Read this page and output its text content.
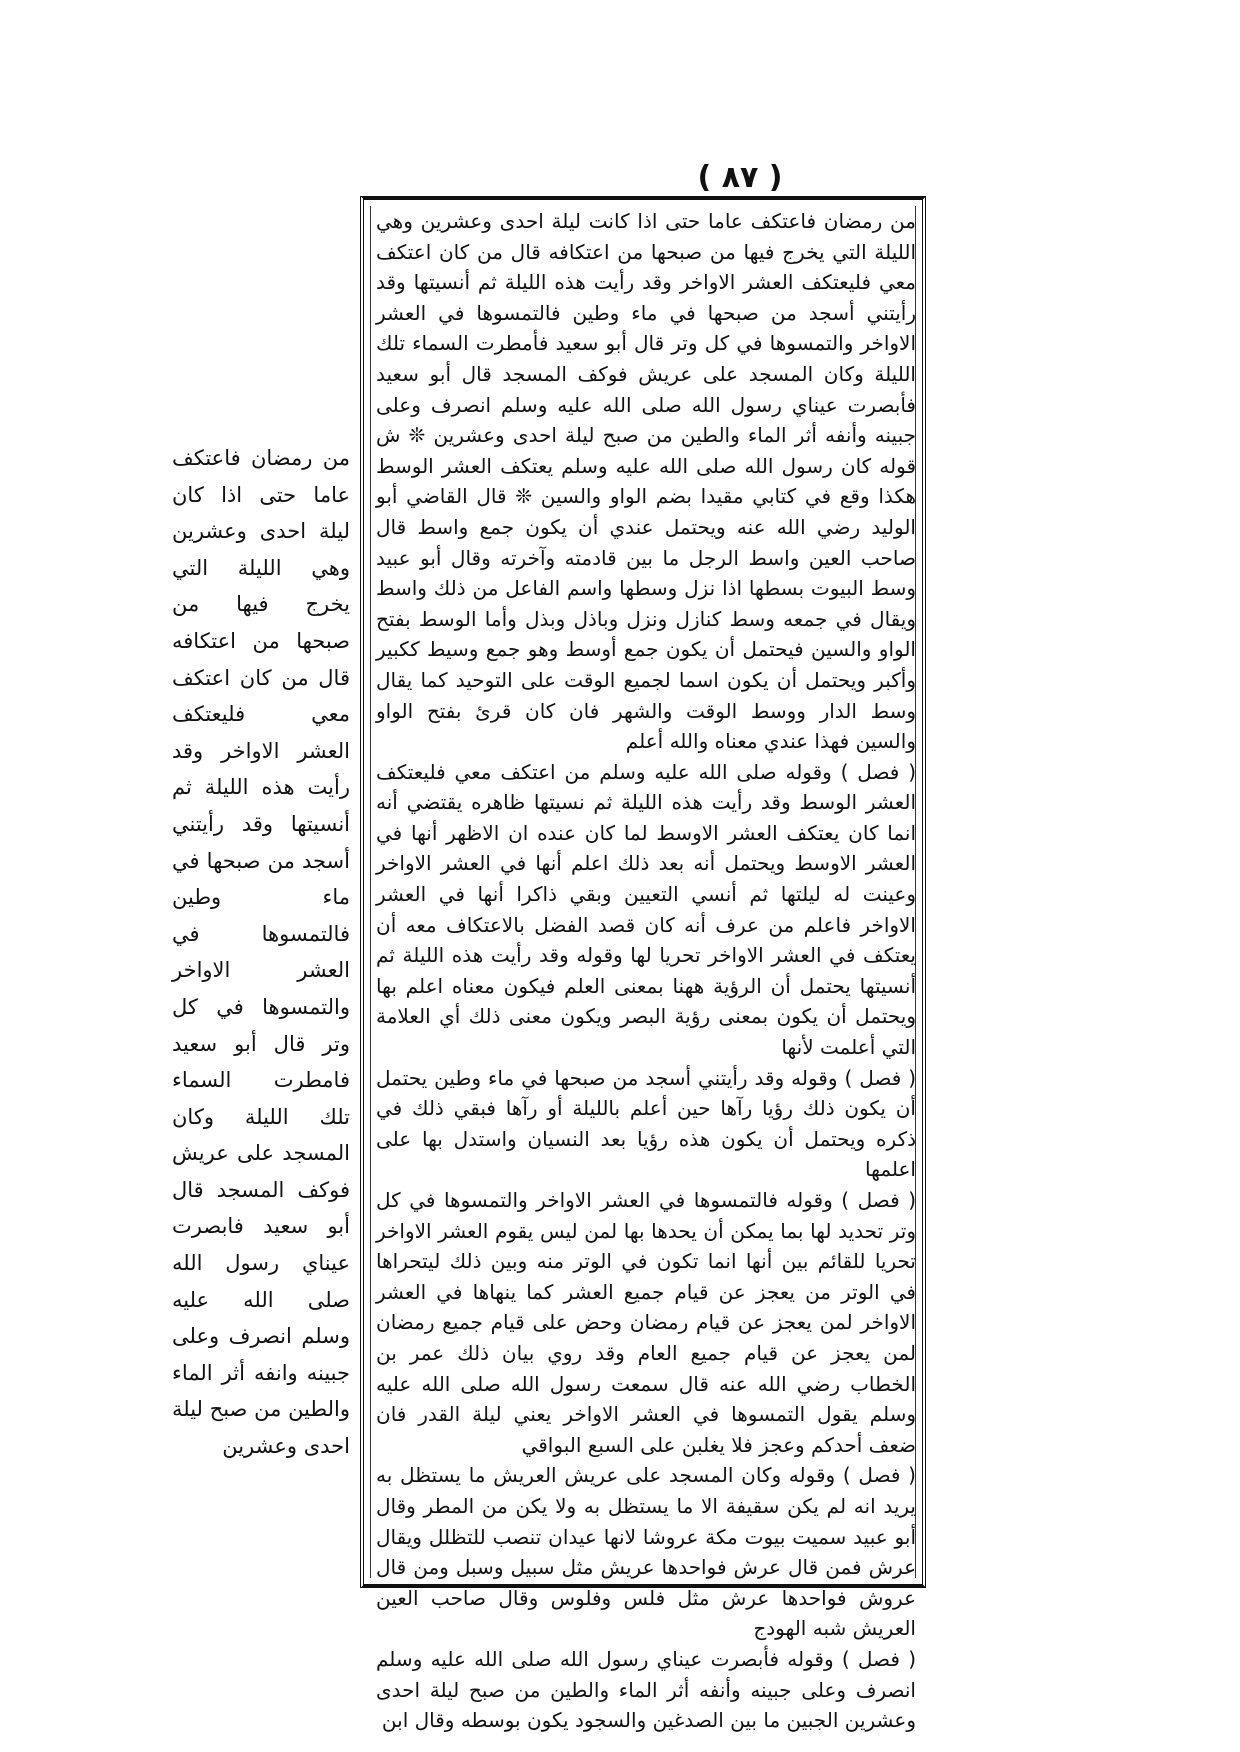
( ٨٧ )

من رمضان فاعتكف عاما حتى اذا كانت ليلة احدى وعشرين وهي الليلة التي يخرج فيها من صبحها من اعتكافه قال من كان اعتكف معي فليعتكف العشر الاواخر وقد رأيت هذه الليلة ثم أنسيتها وقد رأيتني أسجد من صبحها في ماء وطين فالتمسوها في العشر الاواخر والتمسوها في كل وتر قال أبو سعيد فأمطرت السماء تلك الليلة وكان المسجد على عريش فوكف المسجد قال أبو سعيد فأبصرت عيناي رسول الله صلى الله عليه وسلم انصرف وعلى جبينه وأنفه أثر الماء والطين من صبح ليلة احدى وعشرين ❊ ش قوله كان رسول الله صلى الله عليه وسلم يعتكف العشر الوسط هكذا وقع في كتابي مقيدا بضم الواو والسين ❊ قال القاضي أبو الوليد رضي الله عنه ويحتمل عندي أن يكون جمع واسط قال صاحب العين واسط الرجل ما بين قادمته وآخرته وقال أبو عبيد وسط البيوت بسطها اذا نزل وسطها واسم الفاعل من ذلك واسط ويقال في جمعه وسط كنازل ونزل وباذل وبذل وأما الوسط بفتح الواو والسين فيحتمل أن يكون جمع أوسط وهو جمع وسيط ككبير وأكبر ويحتمل أن يكون اسما لجميع الوقت على التوحيد كما يقال وسط الدار ووسط الوقت والشهر فان كان قرئ بفتح الواو والسين فهذا عندي معناه والله أعلم

( فصل ) وقوله صلى الله عليه وسلم من اعتكف معي فليعتكف العشر الوسط وقد رأيت هذه الليلة ثم نسيتها ظاهره يقتضي أنه انما كان يعتكف العشر الاوسط لما كان عنده ان الاظهر أنها في العشر الاوسط ويحتمل أنه بعد ذلك اعلم أنها في العشر الاواخر وعينت له ليلتها ثم أنسي التعيين وبقي ذاكرا أنها في العشر الاواخر فاعلم من عرف أنه كان قصد الفضل بالاعتكاف معه أن يعتكف في العشر الاواخر تحريا لها وقوله وقد رأيت هذه الليلة ثم أنسيتها يحتمل أن الرؤية ههنا بمعنى العلم فيكون معناه اعلم بها ويحتمل أن يكون بمعنى رؤية البصر ويكون معنى ذلك أي العلامة التي أعلمت لأنها

( فصل ) وقوله وقد رأيتني أسجد من صبحها في ماء وطين يحتمل أن يكون ذلك رؤيا رآها حين أعلم بالليلة أو رآها فبقي ذلك في ذكره ويحتمل أن يكون هذه رؤيا بعد النسيان واستدل بها على اعلمها

( فصل ) وقوله فالتمسوها في العشر الاواخر والتمسوها في كل وتر تحديد لها بما يمكن أن يحدها بها لمن ليس يقوم العشر الاواخر تحريا للقائم بين أنها انما تكون في الوتر منه وبين ذلك ليتحراها في الوتر من يعجز عن قيام جميع العشر كما ينهاها في العشر الاواخر لمن يعجز عن قيام رمضان وحض على قيام جميع رمضان لمن يعجز عن قيام جميع العام وقد روي بيان ذلك عمر بن الخطاب رضي الله عنه قال سمعت رسول الله صلى الله عليه وسلم يقول التمسوها في العشر الاواخر يعني ليلة القدر فان ضعف أحدكم وعجز فلا يغلبن على السبع البواقي

( فصل ) وقوله وكان المسجد على عريش العريش ما يستظل به يريد انه لم يكن سقيفة الا ما يستظل به ولا يكن من المطر وقال أبو عبيد سميت بيوت مكة عروشا لانها عيدان تنصب للتظلل ويقال عرش فمن قال عرش فواحدها عريش مثل سبيل وسبل ومن قال عروش فواحدها عرش مثل فلس وفلوس وقال صاحب العين العريش شبه الهودج

( فصل ) وقوله فأبصرت عيناي رسول الله صلى الله عليه وسلم انصرف وعلى جبينه وأنفه أثر الماء والطين من صبح ليلة احدى وعشرين الجبين ما بين الصدغين والسجود يكون بوسطه وقال ابن

من رمضان فاعتكف عاما حتى اذا كان ليلة احدى وعشرين وهي الليلة التي يخرج فيها من صبحها من اعتكافه قال من كان اعتكف معي فليعتكف العشر الاواخر وقد رأيت هذه الليلة ثم أنسيتها وقد رأيتني أسجد من صبحها في ماء وطين فالتمسوها في العشر الاواخر والتمسوها في كل وتر قال أبو سعيد فامطرت السماء تلك الليلة وكان المسجد على عريش فوكف المسجد قال أبو سعيد فابصرت عيناي رسول الله صلى الله عليه وسلم انصرف وعلى جبينه وانفه أثر الماء والطين من صبح ليلة احدى وعشرين
